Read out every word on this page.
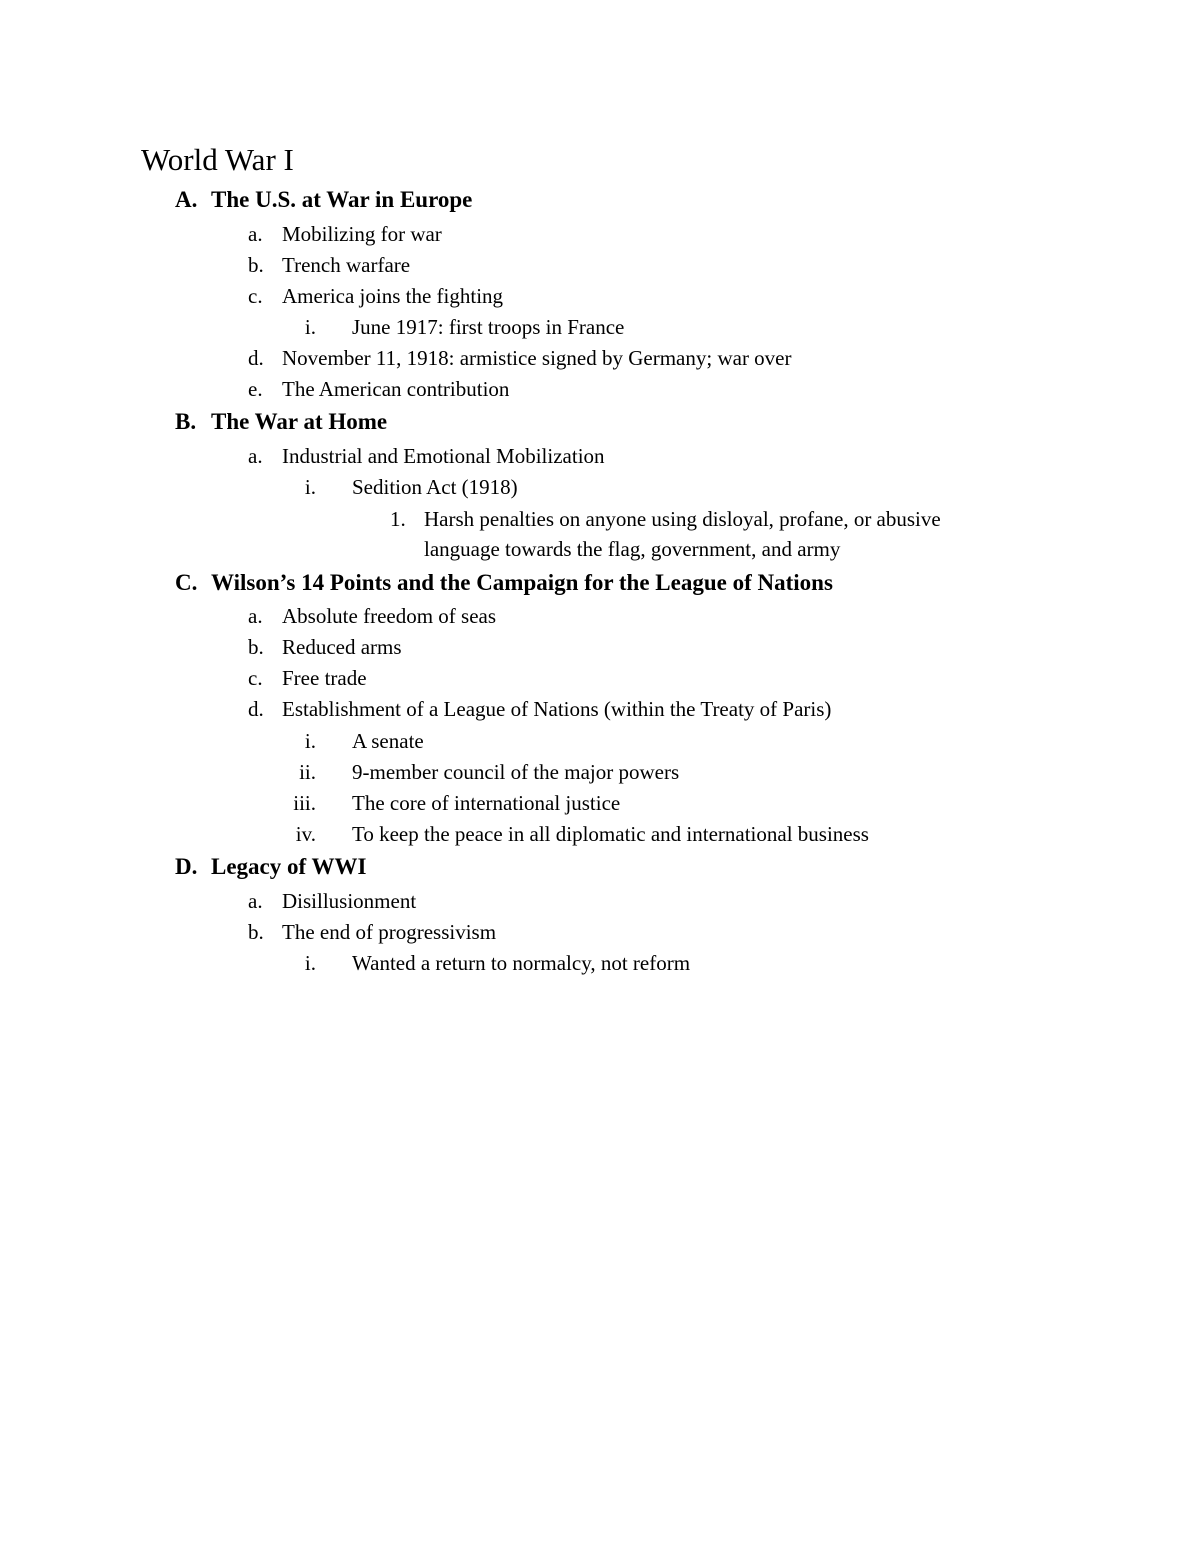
World War I
A. The U.S. at War in Europe
a. Mobilizing for war
b. Trench warfare
c. America joins the fighting
i. June 1917: first troops in France
d. November 11, 1918: armistice signed by Germany; war over
e. The American contribution
B. The War at Home
a. Industrial and Emotional Mobilization
i. Sedition Act (1918)
1. Harsh penalties on anyone using disloyal, profane, or abusive
language towards the flag, government, and army
C. Wilson’s 14 Points and the Campaign for the League of Nations
a. Absolute freedom of seas
b. Reduced arms
c. Free trade
d. Establishment of a League of Nations (within the Treaty of Paris)
i. A senate
ii. 9-member council of the major powers
iii. The core of international justice
iv. To keep the peace in all diplomatic and international business
D. Legacy of WWI
a. Disillusionment
b. The end of progressivism
i. Wanted a return to normalcy, not reform
